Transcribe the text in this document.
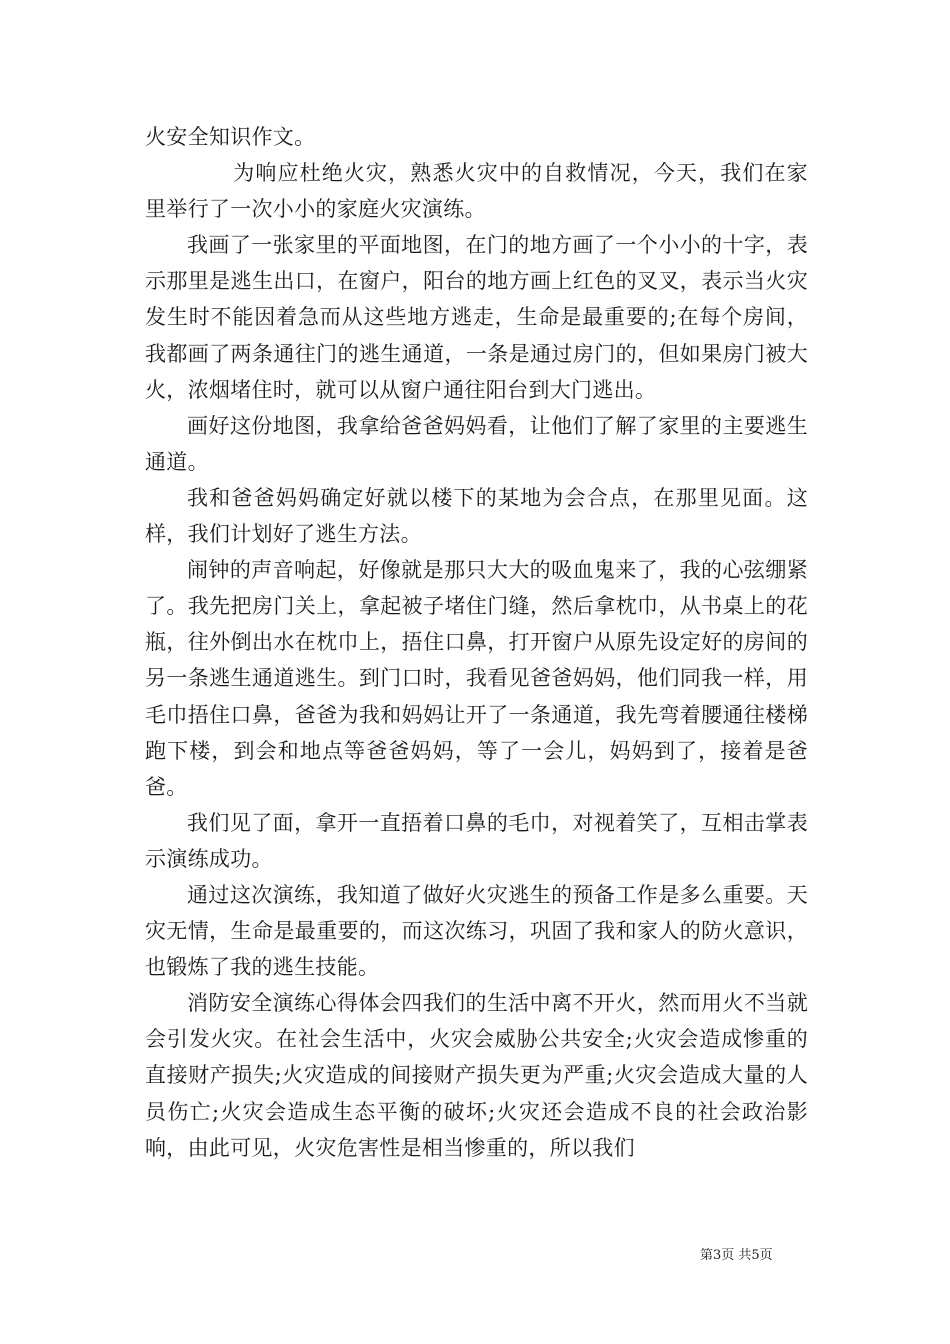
火安全知识作文。

为响应杜绝火灾，熟悉火灾中的自救情况，今天，我们在家里举行了一次小小的家庭火灾演练。

我画了一张家里的平面地图，在门的地方画了一个小小的十字，表示那里是逃生出口，在窗户，阳台的地方画上红色的叉叉，表示当火灾发生时不能因着急而从这些地方逃走，生命是最重要的;在每个房间，我都画了两条通往门的逃生通道，一条是通过房门的，但如果房门被大火，浓烟堵住时，就可以从窗户通往阳台到大门逃出。

画好这份地图，我拿给爸爸妈妈看，让他们了解了家里的主要逃生通道。

我和爸爸妈妈确定好就以楼下的某地为会合点，在那里见面。这样，我们计划好了逃生方法。

闹钟的声音响起，好像就是那只大大的吸血鬼来了，我的心弦绷紧了。我先把房门关上，拿起被子堵住门缝，然后拿枕巾，从书桌上的花瓶，往外倒出水在枕巾上，捂住口鼻，打开窗户从原先设定好的房间的另一条逃生通道逃生。到门口时，我看见爸爸妈妈，他们同我一样，用毛巾捂住口鼻，爸爸为我和妈妈让开了一条通道，我先弯着腰通往楼梯跑下楼，到会和地点等爸爸妈妈，等了一会儿，妈妈到了，接着是爸爸。

我们见了面，拿开一直捂着口鼻的毛巾，对视着笑了，互相击掌表示演练成功。

通过这次演练，我知道了做好火灾逃生的预备工作是多么重要。天灾无情，生命是最重要的，而这次练习，巩固了我和家人的防火意识，也锻炼了我的逃生技能。

消防安全演练心得体会四我们的生活中离不开火，然而用火不当就会引发火灾。在社会生活中，火灾会威胁公共安全;火灾会造成惨重的直接财产损失;火灾造成的间接财产损失更为严重;火灾会造成大量的人员伤亡;火灾会造成生态平衡的破坏;火灾还会造成不良的社会政治影响，由此可见，火灾危害性是相当惨重的，所以我们

第3页 共5页
